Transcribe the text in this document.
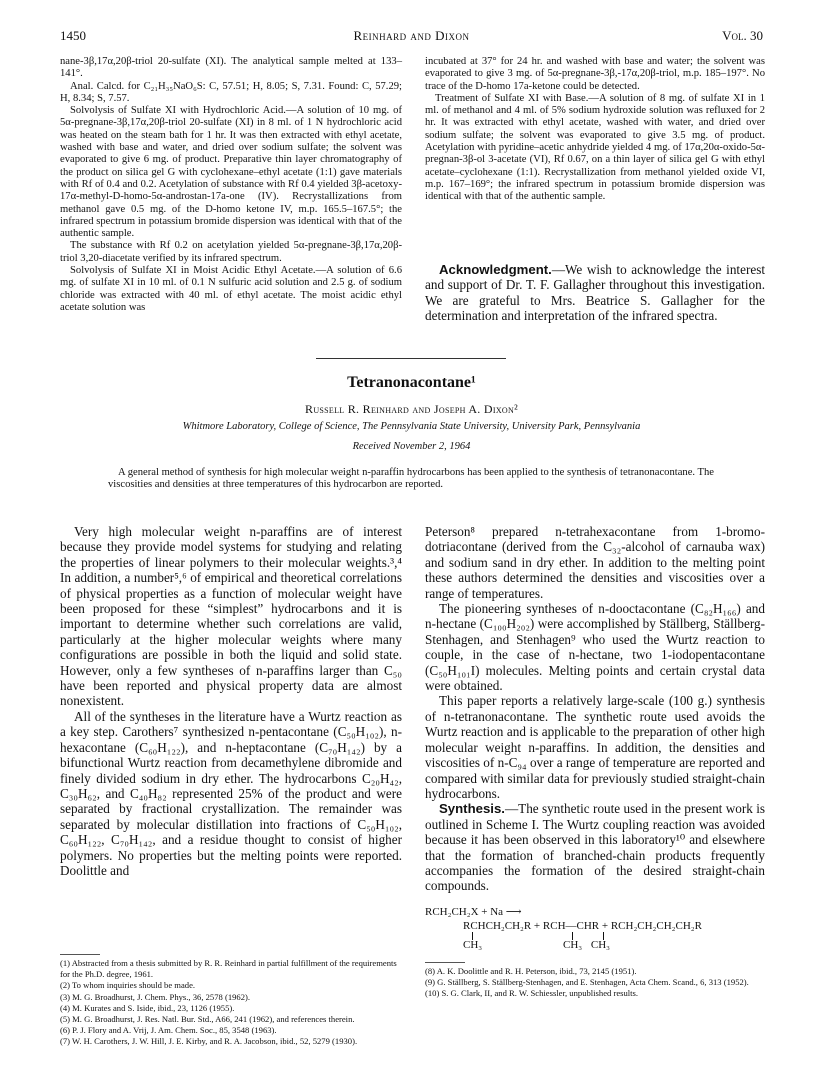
1450	Reinhard and Dixon	Vol. 30

nane-3β,17α,20β-triol 20-sulfate (XI). The analytical sample melted at 133–141°.

Anal. Calcd. for C₂₁H₃₅NaO₆S: C, 57.51; H, 8.05; S, 7.31. Found: C, 57.29; H, 8.34; S, 7.57.

Solvolysis of Sulfate XI with Hydrochloric Acid.—A solution of 10 mg. of 5α-pregnane-3β,17α,20β-triol 20-sulfate (XI) in 8 ml. of 1 N hydrochloric acid was heated on the steam bath for 1 hr. It was then extracted with ethyl acetate, washed with base and water, and dried over sodium sulfate; the solvent was evaporated to give 6 mg. of product. Preparative thin layer chromatography of the product on silica gel G with cyclohexane–ethyl acetate (1:1) gave materials with Rf of 0.4 and 0.2. Acetylation of substance with Rf 0.4 yielded 3β-acetoxy-17α-methyl-D-homo-5α-androstan-17a-one (IV). Recrystallizations from methanol gave 0.5 mg. of the D-homo ketone IV, m.p. 165.5–167.5°; the infrared spectrum in potassium bromide dispersion was identical with that of the authentic sample.

The substance with Rf 0.2 on acetylation yielded 5α-pregnane-3β,17α,20β-triol 3,20-diacetate verified by its infrared spectrum.

Solvolysis of Sulfate XI in Moist Acidic Ethyl Acetate.—A solution of 6.6 mg. of sulfate XI in 10 ml. of 0.1 N sulfuric acid solution and 2.5 g. of sodium chloride was extracted with 40 ml. of ethyl acetate. The moist acidic ethyl acetate solution was

incubated at 37° for 24 hr. and washed with base and water; the solvent was evaporated to give 3 mg. of 5α-pregnane-3β,-17α,20β-triol, m.p. 185–197°. No trace of the D-homo 17a-ketone could be detected.

Treatment of Sulfate XI with Base.—A solution of 8 mg. of sulfate XI in 1 ml. of methanol and 4 ml. of 5% sodium hydroxide solution was refluxed for 2 hr. It was extracted with ethyl acetate, washed with water, and dried over sodium sulfate; the solvent was evaporated to give 3.5 mg. of product. Acetylation with pyridine–acetic anhydride yielded 4 mg. of 17α,20α-oxido-5α-pregnan-3β-ol 3-acetate (VI), Rf 0.67, on a thin layer of silica gel G with ethyl acetate–cyclohexane (1:1). Recrystallization from methanol yielded oxide VI, m.p. 167–169°; the infrared spectrum in potassium bromide dispersion was identical with that of the authentic sample.

Acknowledgment.—We wish to acknowledge the interest and support of Dr. T. F. Gallagher throughout this investigation. We are grateful to Mrs. Beatrice S. Gallagher for the determination and interpretation of the infrared spectra.

Tetranonacontane¹
Russell R. Reinhard and Joseph A. Dixon²
Whitmore Laboratory, College of Science, The Pennsylvania State University, University Park, Pennsylvania
Received November 2, 1964

A general method of synthesis for high molecular weight n-paraffin hydrocarbons has been applied to the synthesis of tetranonacontane. The viscosities and densities at three temperatures of this hydrocarbon are reported.

Very high molecular weight n-paraffins are of interest because they provide model systems for studying and relating the properties of linear polymers to their molecular weights.³,⁴ In addition, a number⁵,⁶ of empirical and theoretical correlations of physical properties as a function of molecular weight have been proposed for these “simplest” hydrocarbons and it is important to determine whether such correlations are valid, particularly at the higher molecular weights where many configurations are possible in both the liquid and solid state. However, only a few syntheses of n-paraffins larger than C₅₀ have been reported and physical property data are almost nonexistent.

All of the syntheses in the literature have a Wurtz reaction as a key step. Carothers⁷ synthesized n-pentacontane (C₅₀H₁₀₂), n-hexacontane (C₆₀H₁₂₂), and n-heptacontane (C₇₀H₁₄₂) by a bifunctional Wurtz reaction from decamethylene dibromide and finely divided sodium in dry ether. The hydrocarbons C₂₀H₄₂, C₃₀H₆₂, and C₄₀H₈₂ represented 25% of the product and were separated by fractional crystallization. The remainder was separated by molecular distillation into fractions of C₅₀H₁₀₂, C₆₀H₁₂₂, C₇₀H₁₄₂, and a residue thought to consist of higher polymers. No properties but the melting points were reported. Doolittle and

Peterson⁸ prepared n-tetrahexacontane from 1-bromo-dotriacontane (derived from the C₃₂-alcohol of carnauba wax) and sodium sand in dry ether. In addition to the melting point these authors determined the densities and viscosities over a range of temperatures.

The pioneering syntheses of n-dooctacontane (C₈₂H₁₆₆) and n-hectane (C₁₀₀H₂₀₂) were accomplished by Ställberg, Ställberg-Stenhagen, and Stenhagen⁹ who used the Wurtz reaction to couple, in the case of n-hectane, two 1-iodopentacontane (C₅₀H₁₀₁I) molecules. Melting points and certain crystal data were obtained.

This paper reports a relatively large-scale (100 g.) synthesis of n-tetranonacontane. The synthetic route used avoids the Wurtz reaction and is applicable to the preparation of other high molecular weight n-paraffins. In addition, the densities and viscosities of n-C₉₄ over a range of temperature are reported and compared with similar data for previously studied straight-chain hydrocarbons.

Synthesis.—The synthetic route used in the present work is outlined in Scheme I. The Wurtz coupling reaction was avoided because it has been observed in this laboratory¹⁰ and elsewhere that the formation of branched-chain products frequently accompanies the formation of the desired straight-chain compounds.

RCH₂CH₂X + Na ⟶
RCHCH₂CH₂R + RCH—CHR + RCH₂CH₂CH₂CH₂R
CH₃	CH₃ CH₃

(1) Abstracted from a thesis submitted by R. R. Reinhard in partial fulfillment of the requirements for the Ph.D. degree, 1961.

(2) To whom inquiries should be made.

(3) M. G. Broadhurst, J. Chem. Phys., 36, 2578 (1962).

(4) M. Kurates and S. Iside, ibid., 23, 1126 (1955).

(5) M. G. Broadhurst, J. Res. Natl. Bur. Std., A66, 241 (1962), and references therein.

(6) P. J. Flory and A. Vrij, J. Am. Chem. Soc., 85, 3548 (1963).

(7) W. H. Carothers, J. W. Hill, J. E. Kirby, and R. A. Jacobson, ibid., 52, 5279 (1930).

(8) A. K. Doolittle and R. H. Peterson, ibid., 73, 2145 (1951).

(9) G. Ställberg, S. Ställberg-Stenhagen, and E. Stenhagen, Acta Chem. Scand., 6, 313 (1952).

(10) S. G. Clark, II, and R. W. Schiessler, unpublished results.
